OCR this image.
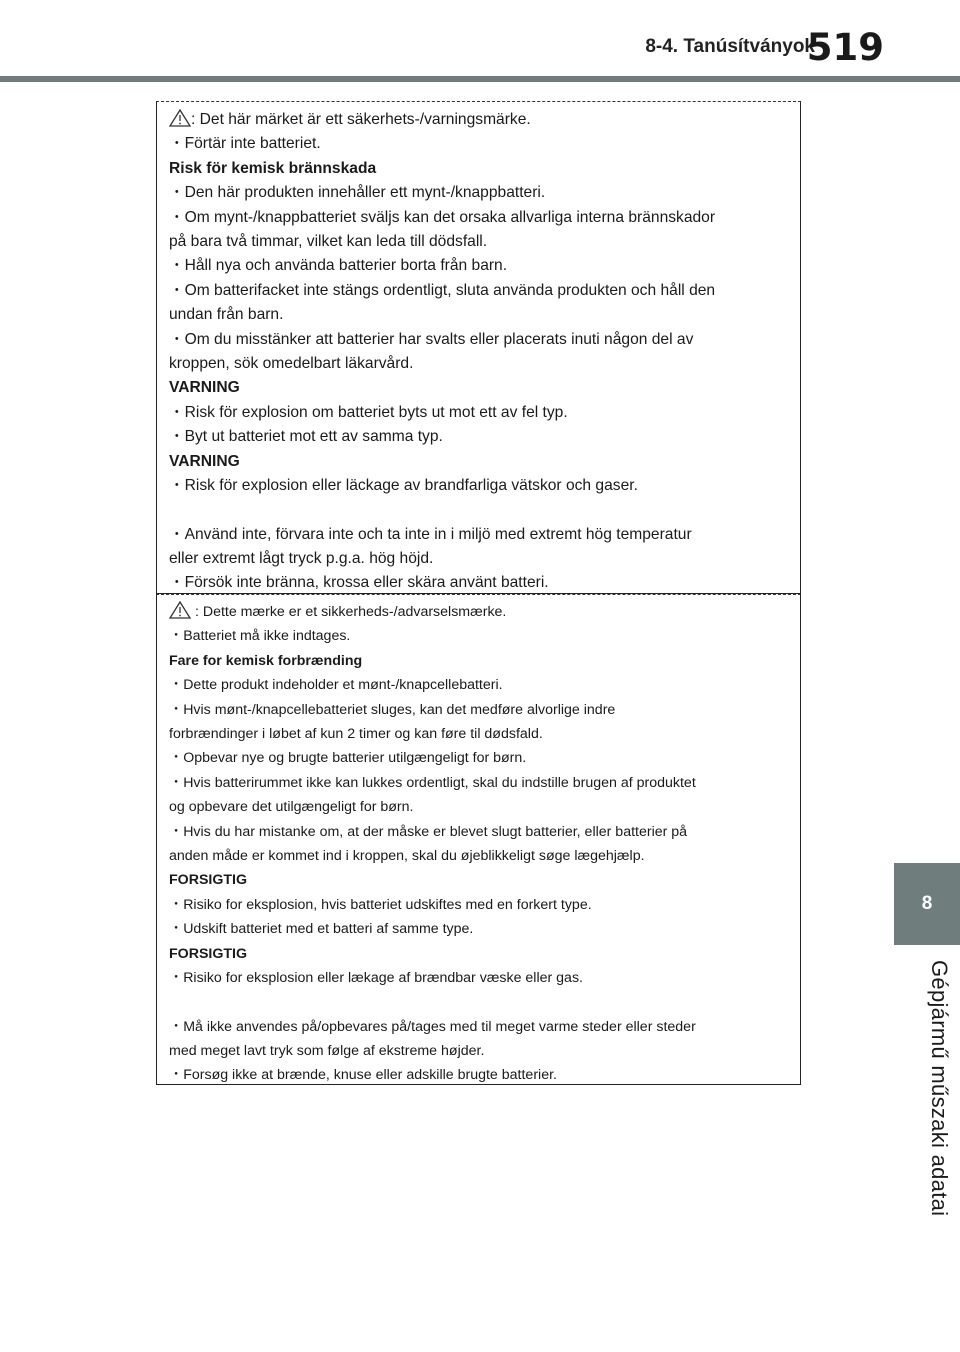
8-4. Tanúsítványok
519
8
Gépjármű műszaki adatai

: Det här märket är ett säkerhets-/varningsmärke.

・Förtär inte batteriet.

Risk för kemisk brännskada

・Den här produkten innehåller ett mynt-/knappbatteri.

・Om mynt-/knappbatteriet sväljs kan det orsaka allvarliga interna brännskador

på bara två timmar, vilket kan leda till dödsfall.

・Håll nya och använda batterier borta från barn.

・Om batterifacket inte stängs ordentligt, sluta använda produkten och håll den

undan från barn.

・Om du misstänker att batterier har svalts eller placerats inuti någon del av

kroppen, sök omedelbart läkarvård.

VARNING

・Risk för explosion om batteriet byts ut mot ett av fel typ.

・Byt ut batteriet mot ett av samma typ.

VARNING

・Risk för explosion eller läckage av brandfarliga vätskor och gaser.

・Använd inte, förvara inte och ta inte in i miljö med extremt hög temperatur

eller extremt lågt tryck p.g.a. hög höjd.

・Försök inte bränna, krossa eller skära använt batteri.

: Dette mærke er et sikkerheds-/advarselsmærke.

・Batteriet må ikke indtages.

Fare for kemisk forbrænding

・Dette produkt indeholder et mønt-/knapcellebatteri.

・Hvis mønt-/knapcellebatteriet sluges, kan det medføre alvorlige indre

forbrændinger i løbet af kun 2 timer og kan føre til dødsfald.

・Opbevar nye og brugte batterier utilgængeligt for børn.

・Hvis batterirummet ikke kan lukkes ordentligt, skal du indstille brugen af produktet

og opbevare det utilgængeligt for børn.

・Hvis du har mistanke om, at der måske er blevet slugt batterier, eller batterier på

anden måde er kommet ind i kroppen, skal du øjeblikkeligt søge lægehjælp.

FORSIGTIG

・Risiko for eksplosion, hvis batteriet udskiftes med en forkert type.

・Udskift batteriet med et batteri af samme type.

FORSIGTIG

・Risiko for eksplosion eller lækage af brændbar væske eller gas.

・Må ikke anvendes på/opbevares på/tages med til meget varme steder eller steder

med meget lavt tryk som følge af ekstreme højder.

・Forsøg ikke at brænde, knuse eller adskille brugte batterier.
